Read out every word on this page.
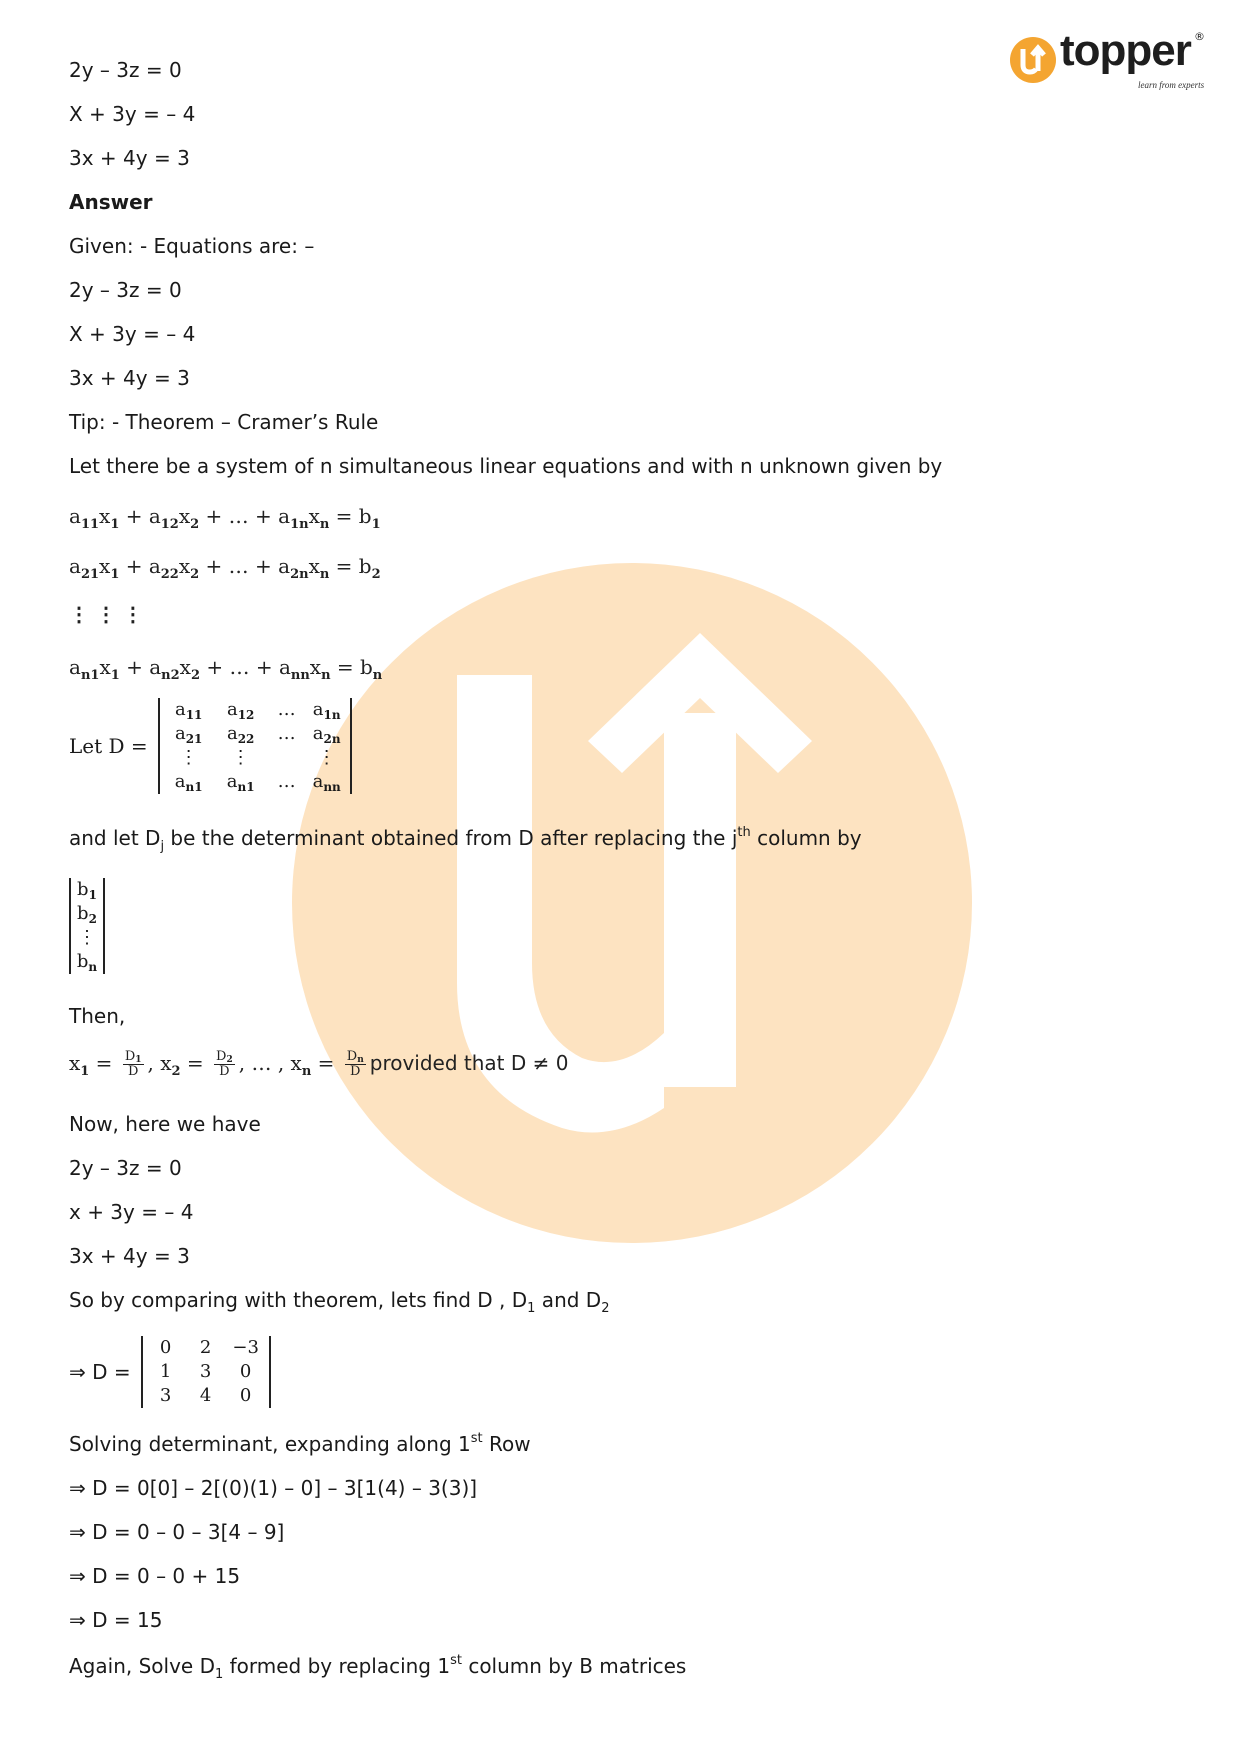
topper ®
learn from experts
2y – 3z = 0
X + 3y = – 4
3x + 4y = 3
Answer
Given: - Equations are: –
2y – 3z = 0
X + 3y = – 4
3x + 4y = 3
Tip: - Theorem – Cramer’s Rule
Let there be a system of n simultaneous linear equations and with n unknown given by
$a_{11}x_1 + a_{12}x_2$ + … + $a_{1n}x_n = b_1$
$a_{21}x_1 + a_{22}x_2$ + … + $a_{2n}x_n = b_2$
⋮ ⋮ ⋮
$a_{n1}x_1 + a_{n2}x_2$ + … + $a_{nn}x_n = b_n$
Let D =
$a_{11}$	$a_{12}$	… $a_{1n}$
$a_{21}$	$a_{22}$	… $a_{2n}$
⋮	⋮	⋮
$a_{n1}$	$a_{n1}$	… $a_{nn}$
and let $D_j$ be the determinant obtained from D after replacing the $j^{th}$ column by
$b_1$
$b_2$
⋮
$b_n$
Then,
$x_1 = \frac{D_1}{D}$ , $x_2 = \frac{D_2}{D}$ , … , $x_n = \frac{D_n}{D}$ provided that D ≠ 0
Now, here we have
2y – 3z = 0
x + 3y = – 4
3x + 4y = 3
So by comparing with theorem, lets find D , $D_1$ and $D_2$
⇒ D =
0	2	−3
1	3	0
3	4	0
Solving determinant, expanding along 1st Row
⇒ D = 0[0] – 2[(0)(1) – 0] – 3[1(4) – 3(3)]
⇒ D = 0 – 0 – 3[4 – 9]
⇒ D = 0 – 0 + 15
⇒ D = 15
Again, Solve $D_1$ formed by replacing 1st column by B matrices
